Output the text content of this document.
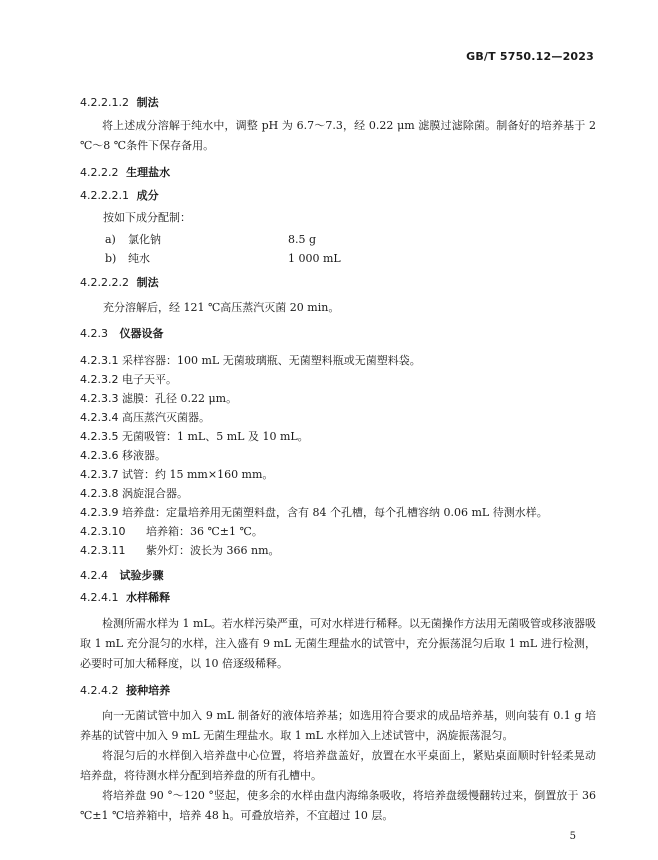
GB/T 5750.12—2023
4.2.2.1.2 制法
将上述成分溶解于纯水中，调整 pH 为 6.7～7.3，经 0.22 μm 滤膜过滤除菌。制备好的培养基于 2 ℃～8 ℃条件下保存备用。
4.2.2.2 生理盐水
4.2.2.2.1 成分
按如下成分配制：
a) 氯化钠	8.5 g
b) 纯水	1 000 mL
4.2.2.2.2 制法
充分溶解后，经 121 ℃高压蒸汽灭菌 20 min。
4.2.3 仪器设备
4.2.3.1 采样容器：100 mL 无菌玻璃瓶、无菌塑料瓶或无菌塑料袋。
4.2.3.2 电子天平。
4.2.3.3 滤膜：孔径 0.22 μm。
4.2.3.4 高压蒸汽灭菌器。
4.2.3.5 无菌吸管：1 mL、5 mL 及 10 mL。
4.2.3.6 移液器。
4.2.3.7 试管：约 15 mm×160 mm。
4.2.3.8 涡旋混合器。
4.2.3.9 培养盘：定量培养用无菌塑料盘，含有 84 个孔槽，每个孔槽容纳 0.06 mL 待测水样。
4.2.3.10 培养箱：36 ℃±1 ℃。
4.2.3.11 紫外灯：波长为 366 nm。
4.2.4 试验步骤
4.2.4.1 水样稀释
检测所需水样为 1 mL。若水样污染严重，可对水样进行稀释。以无菌操作方法用无菌吸管或移液器吸取 1 mL 充分混匀的水样，注入盛有 9 mL 无菌生理盐水的试管中，充分振荡混匀后取 1 mL 进行检测，必要时可加大稀释度，以 10 倍逐级稀释。
4.2.4.2 接种培养
向一无菌试管中加入 9 mL 制备好的液体培养基；如选用符合要求的成品培养基，则向装有 0.1 g 培养基的试管中加入 9 mL 无菌生理盐水。取 1 mL 水样加入上述试管中，涡旋振荡混匀。
将混匀后的水样倒入培养盘中心位置，将培养盘盖好，放置在水平桌面上，紧贴桌面顺时针轻柔晃动培养盘，将待测水样分配到培养盘的所有孔槽中。
将培养盘 90 °～120 °竖起，使多余的水样由盘内海绵条吸收，将培养盘缓慢翻转过来，倒置放于 36 ℃±1 ℃培养箱中，培养 48 h。可叠放培养，不宜超过 10 层。
5
